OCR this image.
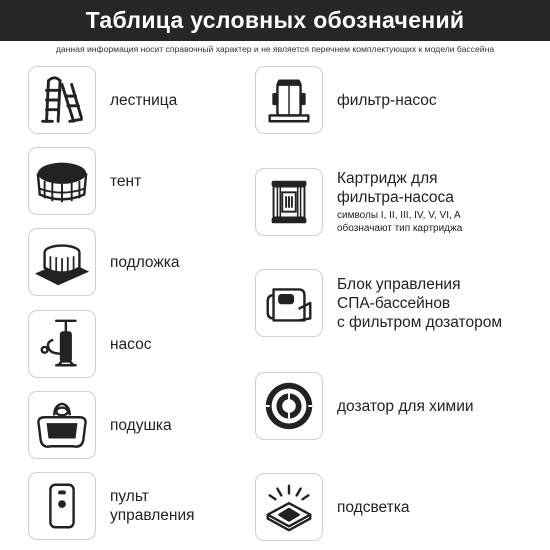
Таблица условных обозначений
данная информация носит справочный характер и не является перечнем комплектующих к модели бассейна
лестница
тент
подложка
насос
подушка
пульт
управления
фильтр-насос
Картридж для
фильтра-насоса
символы I, II, III, IV, V, VI, A
обозначают тип картриджа
Блок управления
СПА-бассейнов
с фильтром дозатором
дозатор для химии
подсветка
